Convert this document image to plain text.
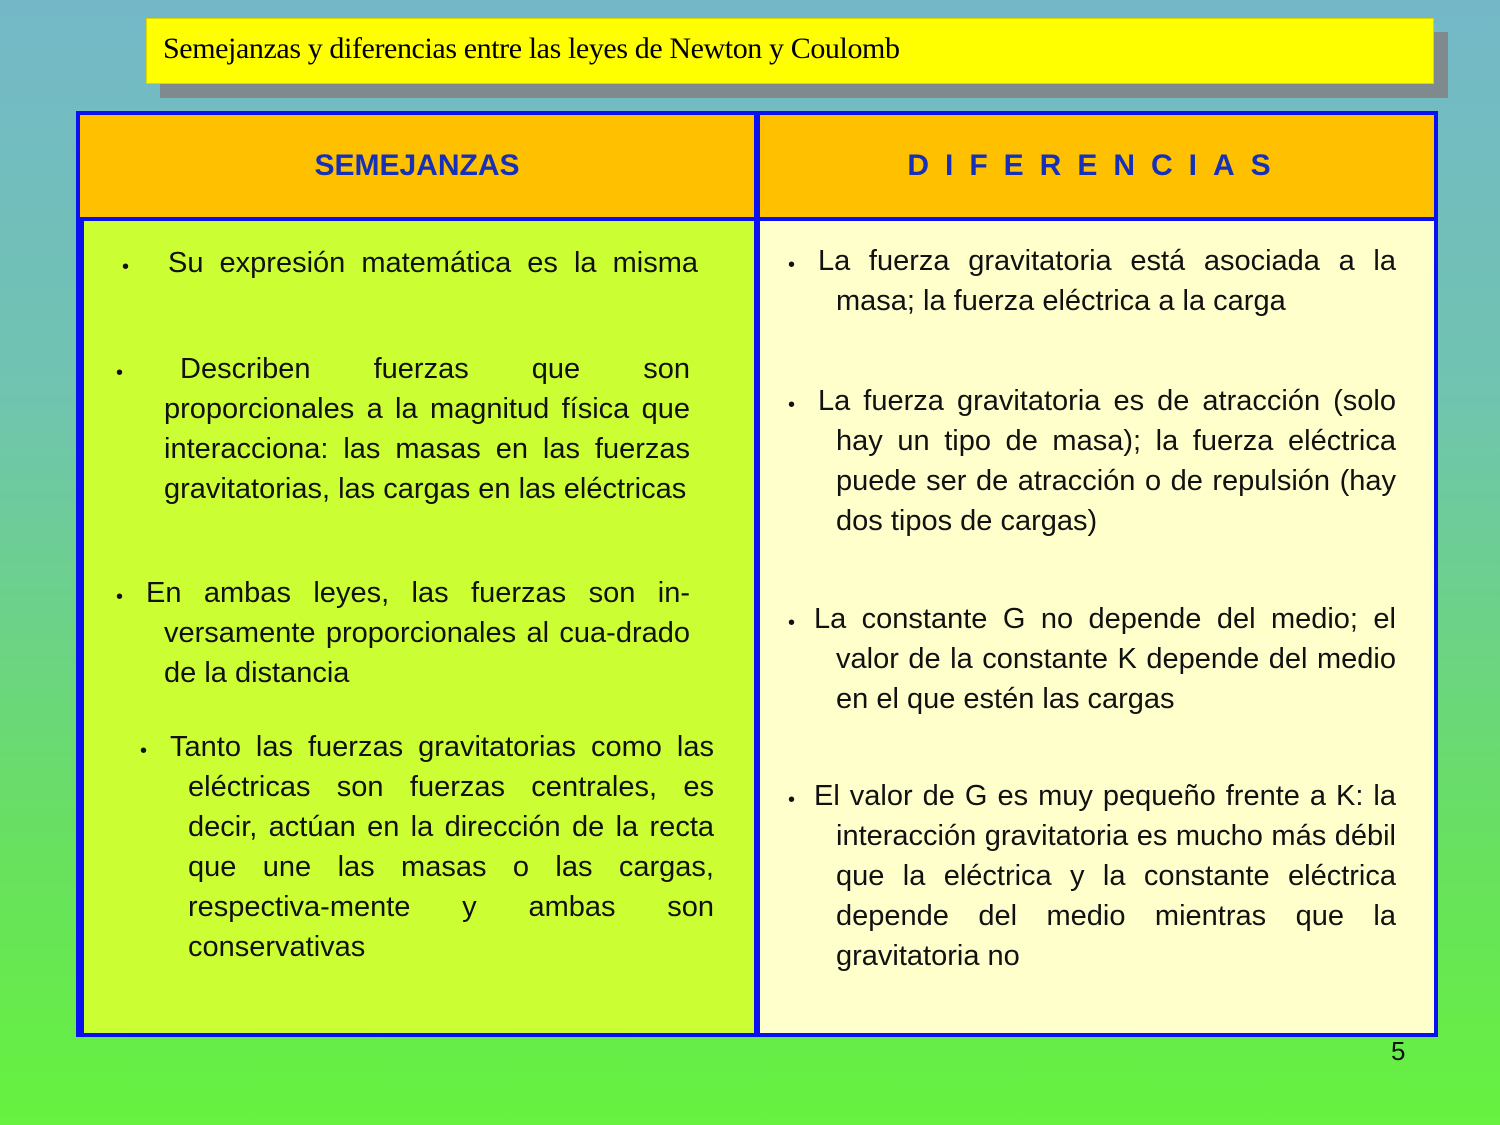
Semejanzas y diferencias entre las leyes de Newton y Coulomb
SEMEJANZAS	DIFERENCIAS
• Su expresión matemática es la misma
•	Describen fuerzas que son proporcionales a la magnitud física que interacciona: las masas en las fuerzas gravitatorias, las cargas en las eléctricas
• En ambas leyes, las fuerzas son in-versamente proporcionales al cua-drado de la distancia
• Tanto las fuerzas gravitatorias como las eléctricas son fuerzas centrales, es decir, actúan en la dirección de la recta que une las masas o las cargas, respectiva-mente y ambas son conservativas
• La fuerza gravitatoria está asociada a la masa; la fuerza eléctrica a la carga
• La fuerza gravitatoria es de atracción (solo hay un tipo de masa); la fuerza eléctrica puede ser de atracción o de repulsión (hay dos tipos de cargas)
• La constante G no depende del medio; el valor de la constante K depende del medio en el que estén las cargas
• El valor de G es muy pequeño frente a K: la interacción gravitatoria es mucho más débil que la eléctrica y la constante eléctrica depende del medio mientras que la gravitatoria no
5
